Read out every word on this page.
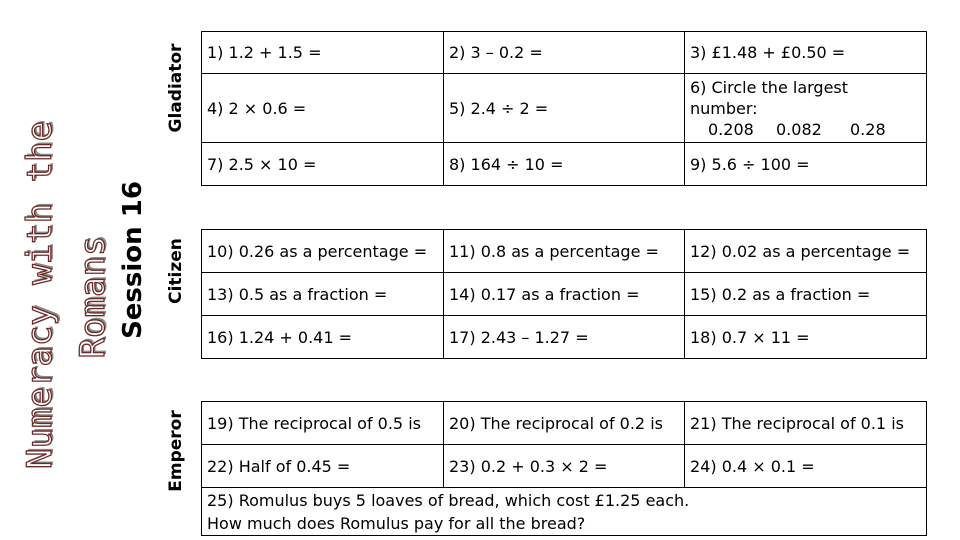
Numeracy with the Romans Session 16
Gladiator
Citizen
Emperor
1) 1.2 + 1.5 =	2) 3 – 0.2 =	3) £1.48 + £0.50 =
4) 2 × 0.6 =	5) 2.4 ÷ 2 =	6) Circle the largest
number:
0.208 0.082 0.28

7) 2.5 × 10 =	8) 164 ÷ 10 =	9) 5.6 ÷ 100 =
10) 0.26 as a percentage =	11) 0.8 as a percentage =	12) 0.02 as a percentage =
13) 0.5 as a fraction =	14) 0.17 as a fraction =	15) 0.2 as a fraction =
16) 1.24 + 0.41 =	17) 2.43 – 1.27 =	18) 0.7 × 11 =
19) The reciprocal of 0.5 is	20) The reciprocal of 0.2 is	21) The reciprocal of 0.1 is
22) Half of 0.45 =	23) 0.2 + 0.3 × 2 =	24) 0.4 × 0.1 =

25) Romulus buys 5 loaves of bread, which cost £1.25 each.
How much does Romulus pay for all the bread?		
